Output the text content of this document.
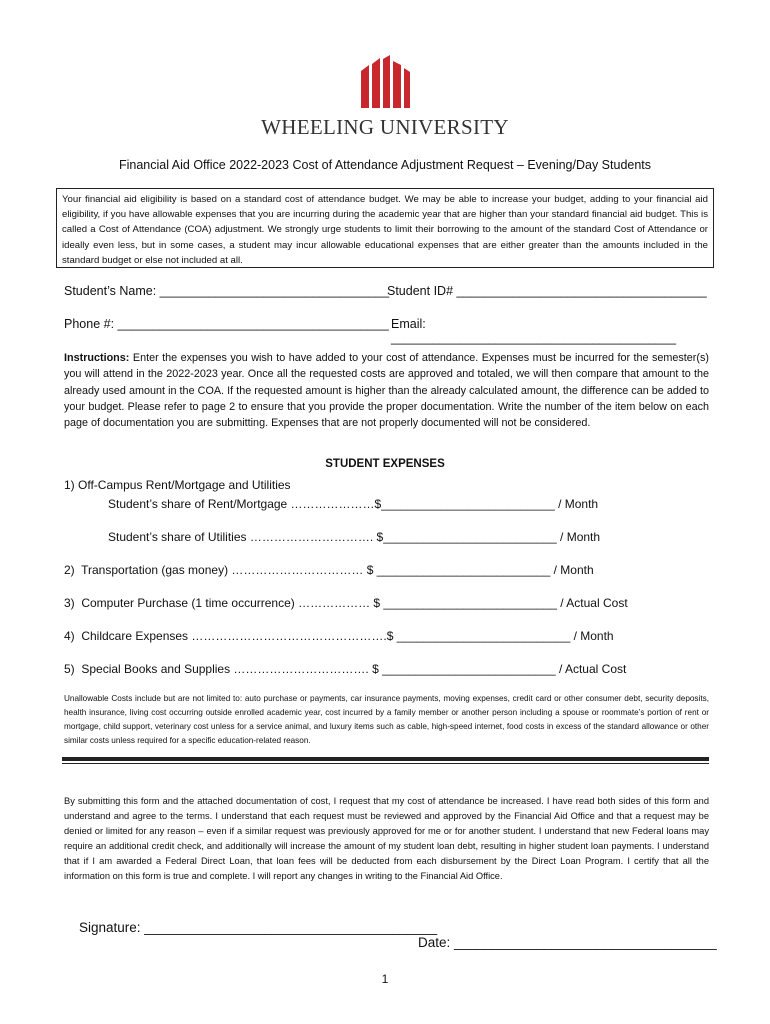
WHEELING UNIVERSITY
Financial Aid Office 2022-2023 Cost of Attendance Adjustment Request – Evening/Day Students
Your financial aid eligibility is based on a standard cost of attendance budget. We may be able to increase your budget, adding to your financial aid eligibility, if you have allowable expenses that you are incurring during the academic year that are higher than your standard financial aid budget. This is called a Cost of Attendance (COA) adjustment. We strongly urge students to limit their borrowing to the amount of the standard Cost of Attendance or ideally even less, but in some cases, a student may incur allowable educational expenses that are either greater than the amounts included in the standard budget or else not included at all.
Student’s Name: _________________________________
Student ID# ____________________________________
Phone #: _______________________________________ Email: _________________________________________
Instructions: Enter the expenses you wish to have added to your cost of attendance. Expenses must be incurred for the semester(s) you will attend in the 2022-2023 year. Once all the requested costs are approved and totaled, we will then compare that amount to the already used amount in the COA. If the requested amount is higher than the already calculated amount, the difference can be added to your budget. Please refer to page 2 to ensure that you provide the proper documentation. Write the number of the item below on each page of documentation you are submitting. Expenses that are not properly documented will not be considered.
STUDENT EXPENSES
1) Off-Campus Rent/Mortgage and Utilities
Student’s share of Rent/Mortgage …………………$__________________________ / Month
Student’s share of Utilities …………………………. $__________________________ / Month
2)  Transportation (gas money) …………………………… $ __________________________ / Month
3)  Computer Purchase (1 time occurrence) ……………… $ __________________________ / Actual Cost
4)  Childcare Expenses ………………………………………….$ __________________________ / Month
5)  Special Books and Supplies ……………………………. $ __________________________ / Actual Cost
Unallowable Costs include but are not limited to: auto purchase or payments, car insurance payments, moving expenses, credit card or other consumer debt, security deposits, health insurance, living cost occurring outside enrolled academic year, cost incurred by a family member or another person including a spouse or roommate’s portion of rent or mortgage, child support, veterinary cost unless for a service animal, and luxury items such as cable, high-speed internet, food costs in excess of the standard allowance or other similar costs unless required for a specific education-related reason.
By submitting this form and the attached documentation of cost, I request that my cost of attendance be increased. I have read both sides of this form and understand and agree to the terms. I understand that each request must be reviewed and approved by the Financial Aid Office and that a request may be denied or limited for any reason – even if a similar request was previously approved for me or for another student. I understand that new Federal loans may require an additional credit check, and additionally will increase the amount of my student loan debt, resulting in higher student loan payments. I understand that if I am awarded a Federal Direct Loan, that loan fees will be deducted from each disbursement by the Direct Loan Program. I certify that all the information on this form is true and complete. I will report any changes in writing to the Financial Aid Office.

Signature: _______________________________________

Date: ___________________________________

1
